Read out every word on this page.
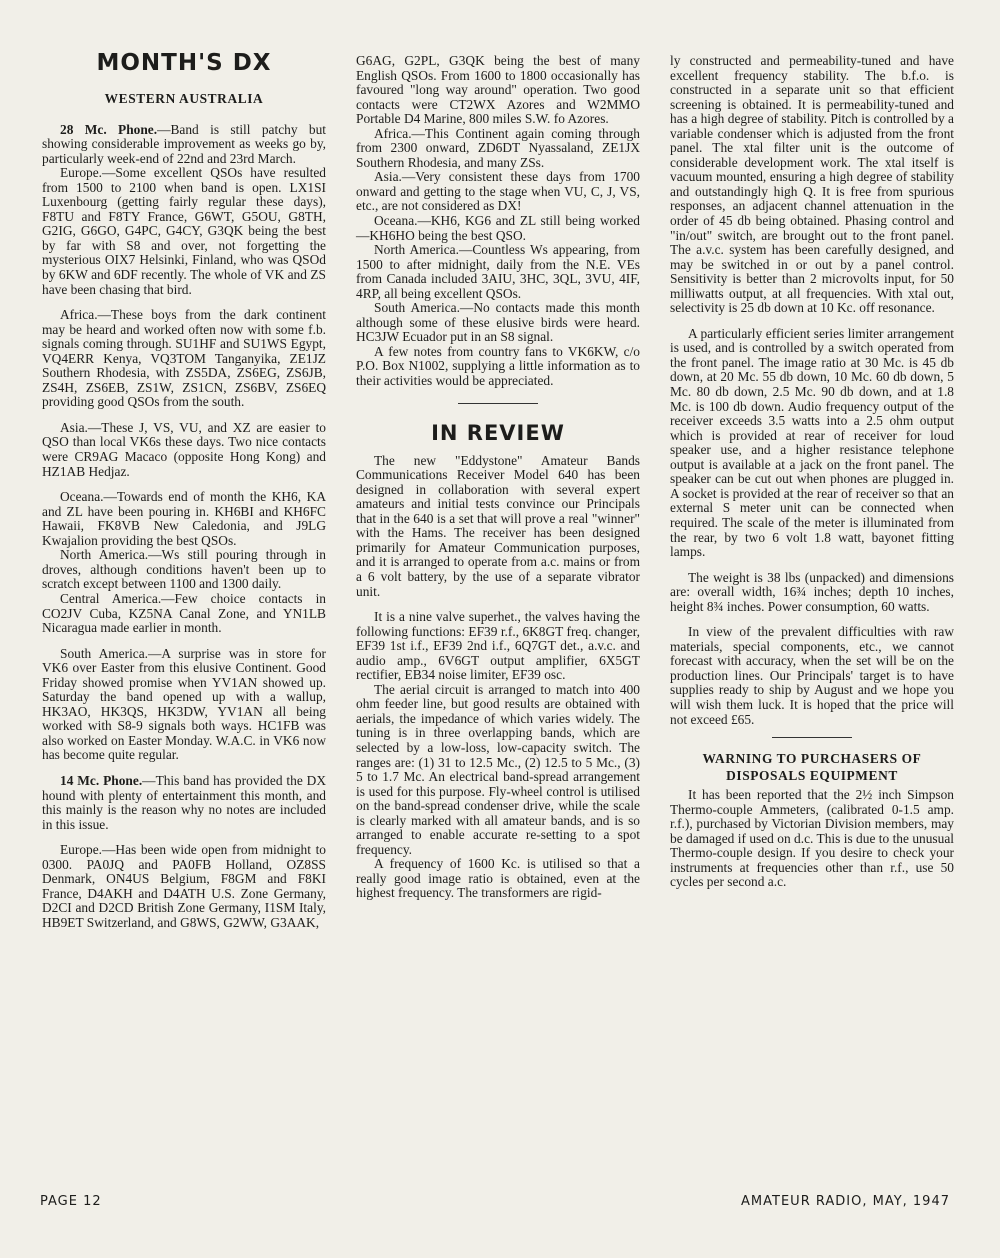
MONTH'S DX
WESTERN AUSTRALIA

28 Mc. Phone.—Band is still patchy but showing considerable improvement as weeks go by, particularly week-end of 22nd and 23rd March.

Europe.—Some excellent QSOs have resulted from 1500 to 2100 when band is open. LX1SI Luxenbourg (getting fairly regular these days), F8TU and F8TY France, G6WT, G5OU, G8TH, G2IG, G6GO, G4PC, G4CY, G3QK being the best by far with S8 and over, not forgetting the mysterious OIX7 Helsinki, Finland, who was QSOd by 6KW and 6DF recently. The whole of VK and ZS have been chasing that bird.

Africa.—These boys from the dark continent may be heard and worked often now with some f.b. signals coming through. SU1HF and SU1WS Egypt, VQ4ERR Kenya, VQ3TOM Tanganyika, ZE1JZ Southern Rhodesia, with ZS5DA, ZS6EG, ZS6JB, ZS4H, ZS6EB, ZS1W, ZS1CN, ZS6BV, ZS6EQ providing good QSOs from the south.

Asia.—These J, VS, VU, and XZ are easier to QSO than local VK6s these days. Two nice contacts were CR9AG Macaco (opposite Hong Kong) and HZ1AB Hedjaz.

Oceana.—Towards end of month the KH6, KA and ZL have been pouring in. KH6BI and KH6FC Hawaii, FK8VB New Caledonia, and J9LG Kwajalion providing the best QSOs.

North America.—Ws still pouring through in droves, although conditions haven't been up to scratch except between 1100 and 1300 daily.

Central America.—Few choice contacts in CO2JV Cuba, KZ5NA Canal Zone, and YN1LB Nicaragua made earlier in month.

South America.—A surprise was in store for VK6 over Easter from this elusive Continent. Good Friday showed promise when YV1AN showed up. Saturday the band opened up with a wallup, HK3AO, HK3QS, HK3DW, YV1AN all being worked with S8-9 signals both ways. HC1FB was also worked on Easter Monday. W.A.C. in VK6 now has become quite regular.

14 Mc. Phone.—This band has provided the DX hound with plenty of entertainment this month, and this mainly is the reason why no notes are included in this issue.

Europe.—Has been wide open from midnight to 0300. PA0JQ and PA0FB Holland, OZ8SS Denmark, ON4US Belgium, F8GM and F8KI France, D4AKH and D4ATH U.S. Zone Germany, D2CI and D2CD British Zone Germany, I1SM Italy, HB9ET Switzerland, and G8WS, G2WW, G3AAK,

G6AG, G2PL, G3QK being the best of many English QSOs. From 1600 to 1800 occasionally has favoured "long way around" operation. Two good contacts were CT2WX Azores and W2MMO Portable D4 Marine, 800 miles S.W. fo Azores.

Africa.—This Continent again coming through from 2300 onward, ZD6DT Nyassaland, ZE1JX Southern Rhodesia, and many ZSs.

Asia.—Very consistent these days from 1700 onward and getting to the stage when VU, C, J, VS, etc., are not considered as DX!

Oceana.—KH6, KG6 and ZL still being worked—KH6HO being the best QSO.

North America.—Countless Ws appearing, from 1500 to after midnight, daily from the N.E. VEs from Canada included 3AIU, 3HC, 3QL, 3VU, 4IF, 4RP, all being excellent QSOs.

South America.—No contacts made this month although some of these elusive birds were heard. HC3JW Ecuador put in an S8 signal.

A few notes from country fans to VK6KW, c/o P.O. Box N1002, supplying a little information as to their activities would be appreciated.

IN REVIEW

The new "Eddystone" Amateur Bands Communications Receiver Model 640 has been designed in collaboration with several expert amateurs and initial tests convince our Principals that in the 640 is a set that will prove a real "winner" with the Hams. The receiver has been designed primarily for Amateur Communication purposes, and it is arranged to operate from a.c. mains or from a 6 volt battery, by the use of a separate vibrator unit.

It is a nine valve superhet., the valves having the following functions: EF39 r.f., 6K8GT freq. changer, EF39 1st i.f., EF39 2nd i.f., 6Q7GT det., a.v.c. and audio amp., 6V6GT output amplifier, 6X5GT rectifier, EB34 noise limiter, EF39 osc.

The aerial circuit is arranged to match into 400 ohm feeder line, but good results are obtained with aerials, the impedance of which varies widely. The tuning is in three overlapping bands, which are selected by a low-loss, low-capacity switch. The ranges are: (1) 31 to 12.5 Mc., (2) 12.5 to 5 Mc., (3) 5 to 1.7 Mc. An electrical band-spread arrangement is used for this purpose. Fly-wheel control is utilised on the band-spread condenser drive, while the scale is clearly marked with all amateur bands, and is so arranged to enable accurate re-setting to a spot frequency.

A frequency of 1600 Kc. is utilised so that a really good image ratio is obtained, even at the highest frequency. The transformers are rigid-

ly constructed and permeability-tuned and have excellent frequency stability. The b.f.o. is constructed in a separate unit so that efficient screening is obtained. It is permeability-tuned and has a high degree of stability. Pitch is controlled by a variable condenser which is adjusted from the front panel. The xtal filter unit is the outcome of considerable development work. The xtal itself is vacuum mounted, ensuring a high degree of stability and outstandingly high Q. It is free from spurious responses, an adjacent channel attenuation in the order of 45 db being obtained. Phasing control and "in/out" switch, are brought out to the front panel. The a.v.c. system has been carefully designed, and may be switched in or out by a panel control. Sensitivity is better than 2 microvolts input, for 50 milliwatts output, at all frequencies. With xtal out, selectivity is 25 db down at 10 Kc. off resonance.

A particularly efficient series limiter arrangement is used, and is controlled by a switch operated from the front panel. The image ratio at 30 Mc. is 45 db down, at 20 Mc. 55 db down, 10 Mc. 60 db down, 5 Mc. 80 db down, 2.5 Mc. 90 db down, and at 1.8 Mc. is 100 db down. Audio frequency output of the receiver exceeds 3.5 watts into a 2.5 ohm output which is provided at rear of receiver for loud speaker use, and a higher resistance telephone output is available at a jack on the front panel. The speaker can be cut out when phones are plugged in. A socket is provided at the rear of receiver so that an external S meter unit can be connected when required. The scale of the meter is illuminated from the rear, by two 6 volt 1.8 watt, bayonet fitting lamps.

The weight is 38 lbs (unpacked) and dimensions are: overall width, 16¾ inches; depth 10 inches, height 8¾ inches. Power consumption, 60 watts.

In view of the prevalent difficulties with raw materials, special components, etc., we cannot forecast with accuracy, when the set will be on the production lines. Our Principals' target is to have supplies ready to ship by August and we hope you will wish them luck. It is hoped that the price will not exceed £65.

WARNING TO PURCHASERS OF DISPOSALS EQUIPMENT

It has been reported that the 2½ inch Simpson Thermo-couple Ammeters, (calibrated 0-1.5 amp. r.f.), purchased by Victorian Division members, may be damaged if used on d.c. This is due to the unusual Thermo-couple design. If you desire to check your instruments at frequencies other than r.f., use 50 cycles per second a.c.

PAGE 12	AMATEUR RADIO, MAY, 1947
